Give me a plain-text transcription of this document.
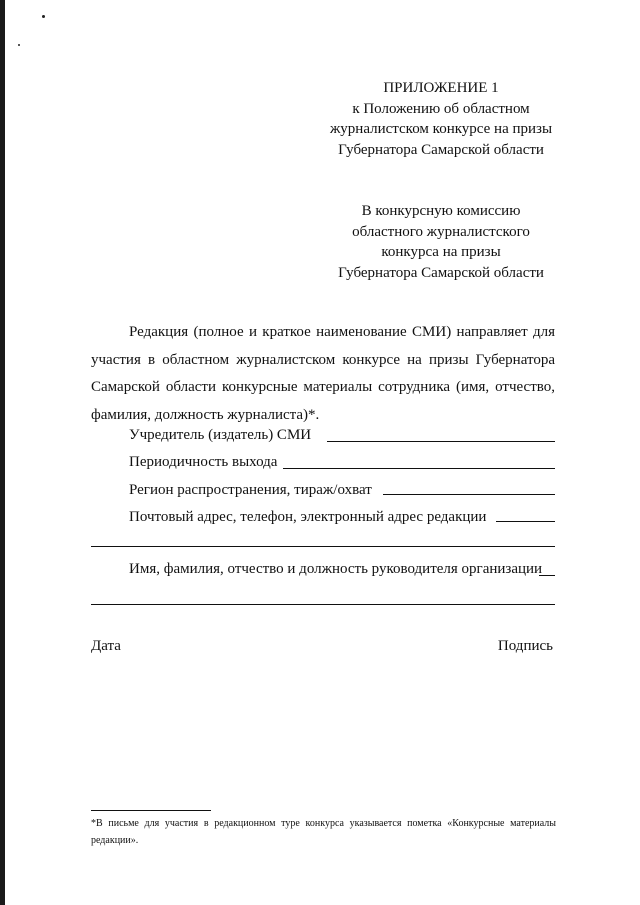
ПРИЛОЖЕНИЕ 1
к Положению об областном
журналистском конкурсе на призы
Губернатора Самарской области
В конкурсную комиссию
областного журналистского
конкурса на призы
Губернатора Самарской области
Редакция (полное и краткое наименование СМИ) направляет для участия в областном журналистском конкурсе на призы Губернатора Самарской области конкурсные материалы сотрудника (имя, отчество, фамилия, должность журналиста)*.
Учредитель (издатель) СМИ
Периодичность выхода
Регион распространения, тираж/охват
Почтовый адрес, телефон, электронный адрес редакции
Имя, фамилия, отчество и должность руководителя организации
Дата	Подпись
*В письме для участия в редакционном туре конкурса указывается пометка «Конкурсные материалы редакции».
